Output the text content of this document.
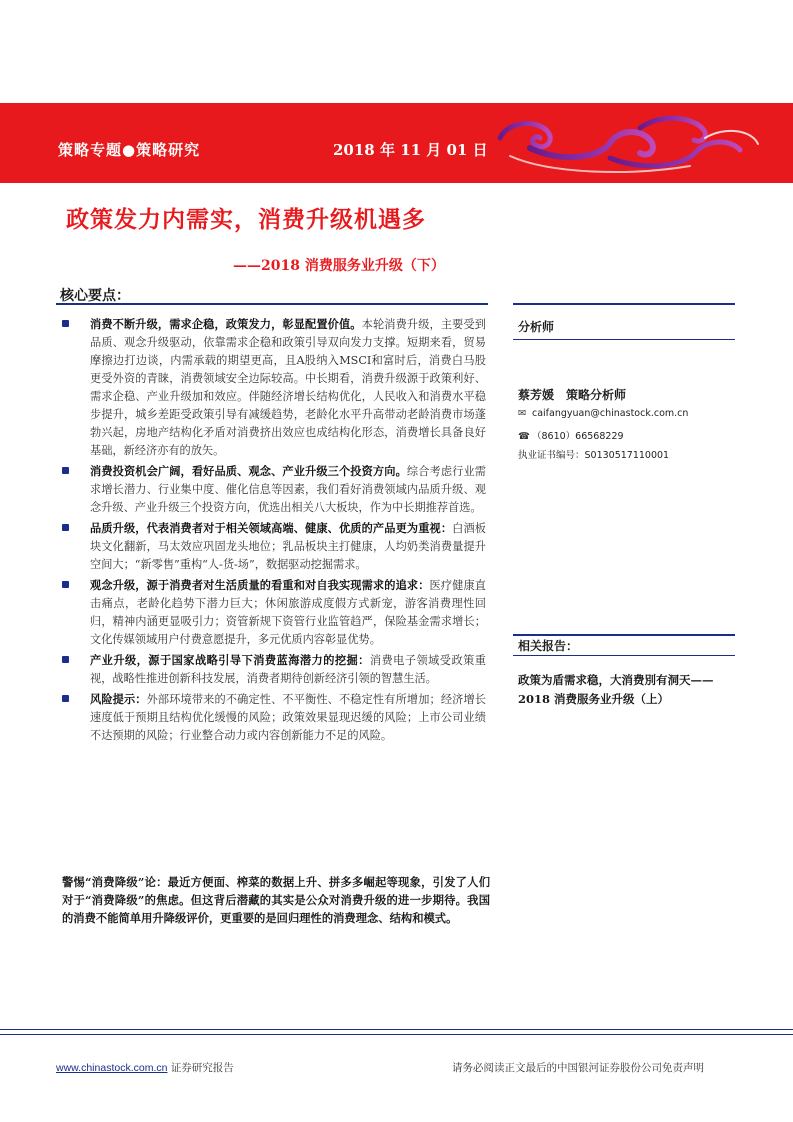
策略专题●策略研究	2018 年 11 月 01 日
政策发力内需实，消费升级机遇多
——2018 消费服务业升级（下）
核心要点：
消费不断升级，需求企稳，政策发力，彰显配置价值。本轮消费升级，主要受到品质、观念升级驱动，依靠需求企稳和政策引导双向发力支撑。短期来看，贸易摩擦边打边谈，内需承载的期望更高，且A股纳入MSCI和富时后，消费白马股更受外资的青睐，消费领域安全边际较高。中长期看，消费升级源于政策利好、需求企稳、产业升级加和效应。伴随经济增长结构优化，人民收入和消费水平稳步提升，城乡差距受政策引导有减缓趋势，老龄化水平升高带动老龄消费市场蓬勃兴起，房地产结构化矛盾对消费挤出效应也成结构化形态，消费增长具备良好基础，新经济亦有的放矢。
消费投资机会广阔，看好品质、观念、产业升级三个投资方向。综合考虑行业需求增长潜力、行业集中度、催化信息等因素，我们看好消费领域内品质升级、观念升级、产业升级三个投资方向，优选出相关八大板块，作为中长期推荐首选。
品质升级，代表消费者对于相关领域高端、健康、优质的产品更为重视：白酒板块文化翻新，马太效应巩固龙头地位；乳品板块主打健康，人均奶类消费量提升空间大；“新零售”重构“人-货-场”，数据驱动挖掘需求。
观念升级，源于消费者对生活质量的看重和对自我实现需求的追求：医疗健康直击痛点，老龄化趋势下潜力巨大；休闲旅游成度假方式新宠，游客消费理性回归，精神内涵更显吸引力；资管新规下资管行业监管趋严，保险基金需求增长；文化传媒领域用户付费意愿提升，多元优质内容彰显优势。
产业升级，源于国家战略引导下消费蓝海潜力的挖掘：消费电子领域受政策重视，战略性推进创新科技发展，消费者期待创新经济引领的智慧生活。
风险提示：外部环境带来的不确定性、不平衡性、不稳定性有所增加；经济增长速度低于预期且结构优化缓慢的风险；政策效果显现迟缓的风险；上市公司业绩不达预期的风险；行业整合动力或内容创新能力不足的风险。
警惕“消费降级”论：最近方便面、榨菜的数据上升、拼多多崛起等现象，引发了人们对于“消费降级”的焦虑。但这背后潜藏的其实是公众对消费升级的进一步期待。我国的消费不能简单用升降级评价，更重要的是回归理性的消费理念、结构和模式。
分析师
蔡芳媛　策略分析师
✉ caifangyuan@chinastock.com.cn
☎ （8610）66568229
执业证书编号：S0130517110001
相关报告：
政策为盾需求稳，大消费別有洞天——2018 消费服务业升级（上）
www.chinastock.com.cn 证券研究报告	请务必阅读正文最后的中国银河证券股份公司免责声明
